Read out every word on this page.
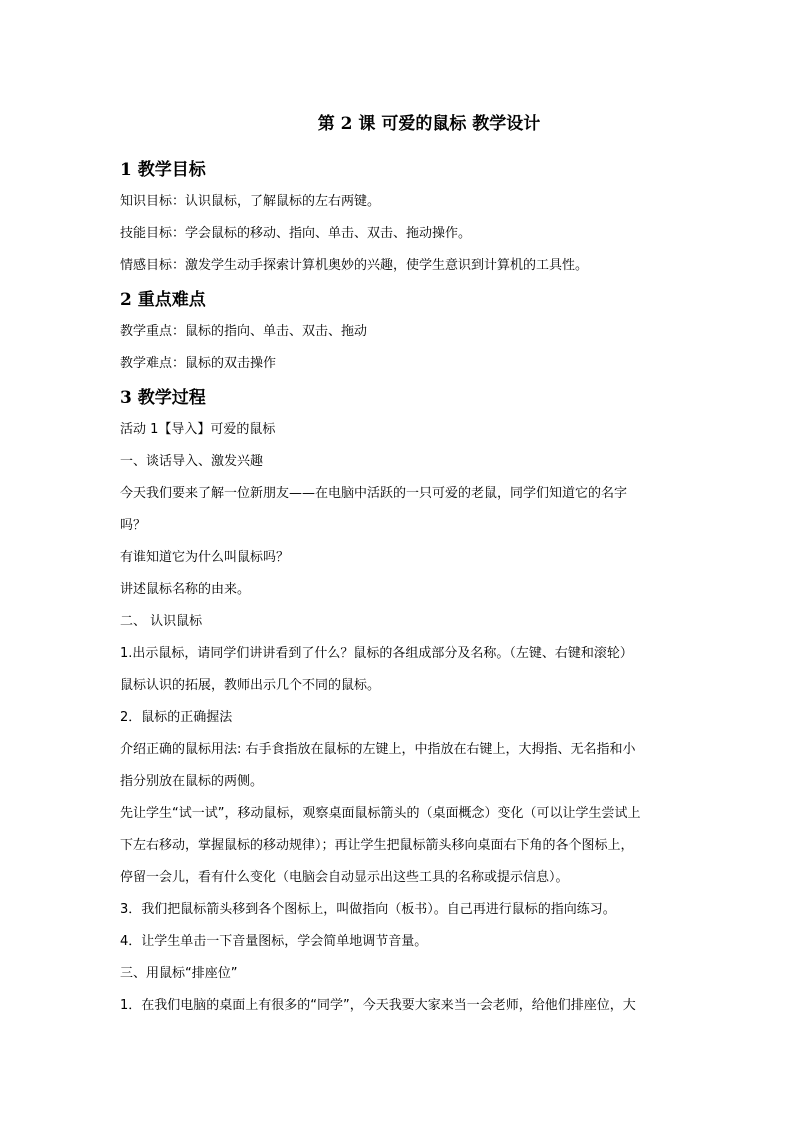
第 2 课 可爱的鼠标 教学设计
1 教学目标
知识目标：认识鼠标，了解鼠标的左右两键。
技能目标：学会鼠标的移动、指向、单击、双击、拖动操作。
情感目标：激发学生动手探索计算机奥妙的兴趣，使学生意识到计算机的工具性。
2 重点难点
教学重点：鼠标的指向、单击、双击、拖动
教学难点：鼠标的双击操作
3 教学过程
活动 1【导入】可爱的鼠标
一、谈话导入、激发兴趣
今天我们要来了解一位新朋友——在电脑中活跃的一只可爱的老鼠，同学们知道它的名字
吗？
有谁知道它为什么叫鼠标吗？
讲述鼠标名称的由来。
二、 认识鼠标
1.出示鼠标，请同学们讲讲看到了什么？鼠标的各组成部分及名称。（左键、右键和滚轮）
鼠标认识的拓展，教师出示几个不同的鼠标。
2．鼠标的正确握法
介绍正确的鼠标用法: 右手食指放在鼠标的左键上，中指放在右键上，大拇指、无名指和小
指分别放在鼠标的两侧。
先让学生“试一试”，移动鼠标，观察桌面鼠标箭头的（桌面概念）变化（可以让学生尝试上
下左右移动，掌握鼠标的移动规律）；再让学生把鼠标箭头移向桌面右下角的各个图标上，
停留一会儿，看有什么变化（电脑会自动显示出这些工具的名称或提示信息）。
3．我们把鼠标箭头移到各个图标上，叫做指向（板书）。自己再进行鼠标的指向练习。
4．让学生单击一下音量图标，学会简单地调节音量。
三、用鼠标“排座位”
1．在我们电脑的桌面上有很多的“同学”，今天我要大家来当一会老师，给他们排座位，大
